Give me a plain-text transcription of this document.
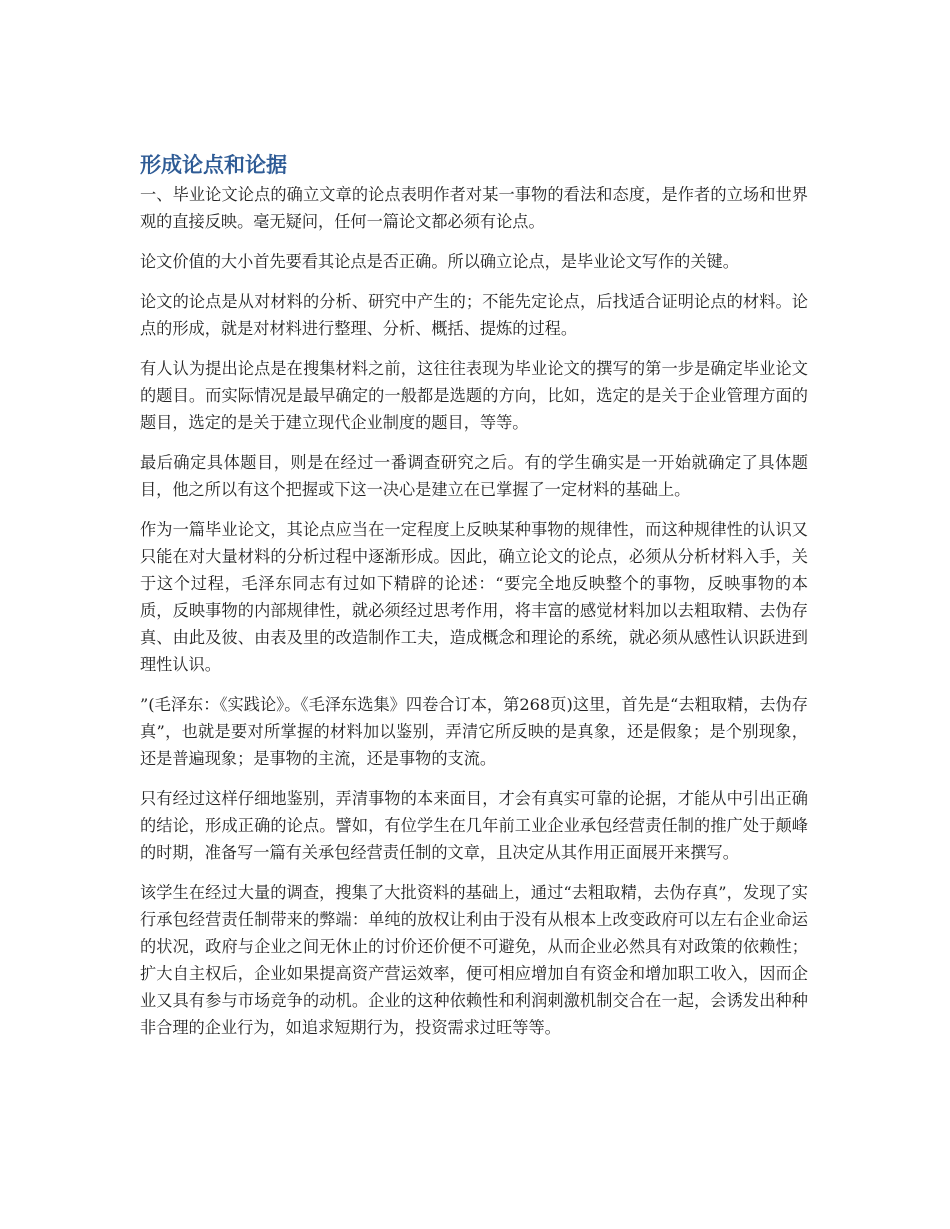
形成论点和论据

一、毕业论文论点的确立文章的论点表明作者对某一事物的看法和态度，是作者的立场和世界观的直接反映。毫无疑问，任何一篇论文都必须有论点。

论文价值的大小首先要看其论点是否正确。所以确立论点，是毕业论文写作的关键。

论文的论点是从对材料的分析、研究中产生的；不能先定论点，后找适合证明论点的材料。论点的形成，就是对材料进行整理、分析、概括、提炼的过程。

有人认为提出论点是在搜集材料之前，这往往表现为毕业论文的撰写的第一步是确定毕业论文的题目。而实际情况是最早确定的一般都是选题的方向，比如，选定的是关于企业管理方面的题目，选定的是关于建立现代企业制度的题目，等等。

最后确定具体题目，则是在经过一番调查研究之后。有的学生确实是一开始就确定了具体题目，他之所以有这个把握或下这一决心是建立在已掌握了一定材料的基础上。

作为一篇毕业论文，其论点应当在一定程度上反映某种事物的规律性，而这种规律性的认识又只能在对大量材料的分析过程中逐渐形成。因此，确立论文的论点，必须从分析材料入手，关于这个过程，毛泽东同志有过如下精辟的论述：“要完全地反映整个的事物，反映事物的本质，反映事物的内部规律性，就必须经过思考作用，将丰富的感觉材料加以去粗取精、去伪存真、由此及彼、由表及里的改造制作工夫，造成概念和理论的系统，就必须从感性认识跃进到理性认识。

”(毛泽东：《实践论》。《毛泽东选集》四卷合订本，第268页)这里，首先是“去粗取精，去伪存真”，也就是要对所掌握的材料加以鉴别，弄清它所反映的是真象，还是假象；是个别现象，还是普遍现象；是事物的主流，还是事物的支流。

只有经过这样仔细地鉴别，弄清事物的本来面目，才会有真实可靠的论据，才能从中引出正确的结论，形成正确的论点。譬如，有位学生在几年前工业企业承包经营责任制的推广处于颠峰的时期，准备写一篇有关承包经营责任制的文章，且决定从其作用正面展开来撰写。

该学生在经过大量的调查，搜集了大批资料的基础上，通过“去粗取精，去伪存真”，发现了实行承包经营责任制带来的弊端：单纯的放权让利由于没有从根本上改变政府可以左右企业命运的状况，政府与企业之间无休止的讨价还价便不可避免，从而企业必然具有对政策的依赖性；扩大自主权后，企业如果提高资产营运效率，便可相应增加自有资金和增加职工收入，因而企业又具有参与市场竞争的动机。企业的这种依赖性和利润刺激机制交合在一起，会诱发出种种非合理的企业行为，如追求短期行为，投资需求过旺等等。
